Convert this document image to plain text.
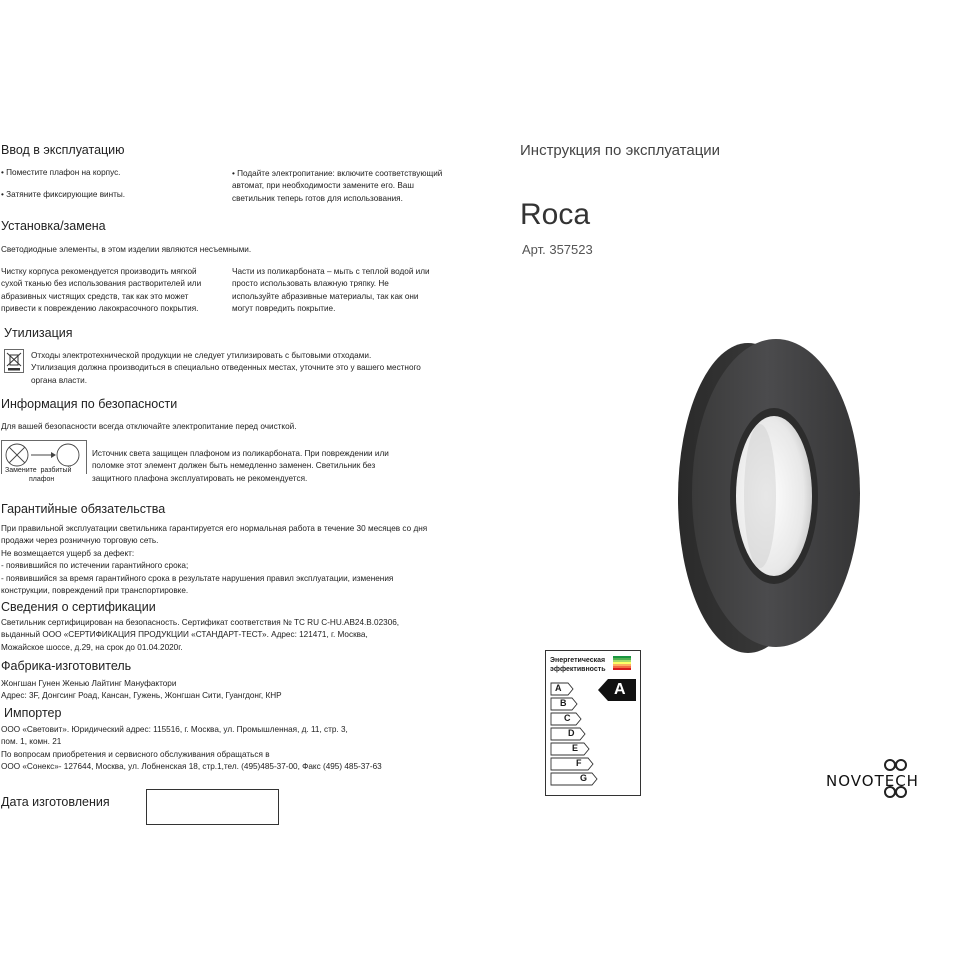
Ввод в эксплуатацию
• Поместите плафон на корпус.
• Затяните фиксирующие винты.
• Подайте электропитание: включите соответствующий
автомат, при необходимости замените его. Ваш
светильник теперь готов для использования.
Установка/замена
Светодиодные элементы, в этом изделии являются несъемными.
Чистку корпуса рекомендуется производить мягкой
сухой тканью без использования растворителей или
абразивных чистящих средств, так как это может
привести к повреждению лакокрасочного покрытия.
Части из поликарбоната – мыть с теплой водой или
просто использовать влажную тряпку. Не
используйте абразивные материалы, так как они
могут повредить покрытие.
Утилизация
Отходы электротехнической продукции не следует утилизировать с бытовыми отходами.
Утилизация должна производиться в специально отведенных местах, уточните это у вашего местного
органа власти.
Информация по безопасности
Для вашей безопасности всегда отключайте электропитание перед очисткой.
Замените разбитый
плафон
Источник света защищен плафоном из поликарбоната. При повреждении или
поломке этот элемент должен быть немедленно заменен. Светильник без
защитного плафона эксплуатировать не рекомендуется.
Гарантийные обязательства
При правильной эксплуатации светильника гарантируется его нормальная работа в течение 30 месяцев со дня
продажи через розничную торговую сеть.
Не возмещается ущерб за дефект:
- появившийся по истечении гарантийного срока;
- появившийся за время гарантийного срока в результате нарушения правил эксплуатации, изменения
конструкции, повреждений при транспортировке.
Сведения о сертификации
Светильник сертифицирован на безопасность. Сертификат соответствия № ТС RU С-HU.АВ24.В.02306,
выданный ООО «СЕРТИФИКАЦИЯ ПРОДУКЦИИ «СТАНДАРТ-ТЕСТ». Адрес: 121471, г. Москва,
Можайское шоссе, д.29, на срок до 01.04.2020г.
Фабрика-изготовитель
Жонгшан Гунен Женью Лайтинг Мануфактори
Адрес: 3F, Донгсинг Роад, Кансан, Гужень, Жонгшан Сити, Гуангдонг, КНР
Импортер
ООО «Световит». Юридический адрес: 115516, г. Москва, ул. Промышленная, д. 11, стр. 3,
пом. 1, комн. 21
По вопросам приобретения и сервисного обслуживания обращаться в
ООО «Сонекс»- 127644, Москва, ул. Лобненская 18, стр.1,тел. (495)485-37-00, Факс (495) 485-37-63
Дата изготовления
Инструкция по эксплуатации
Roca
Арт. 357523
Энергетическая
эффективность
A
B
C
D
E
F
G
A
NOVOTECH
